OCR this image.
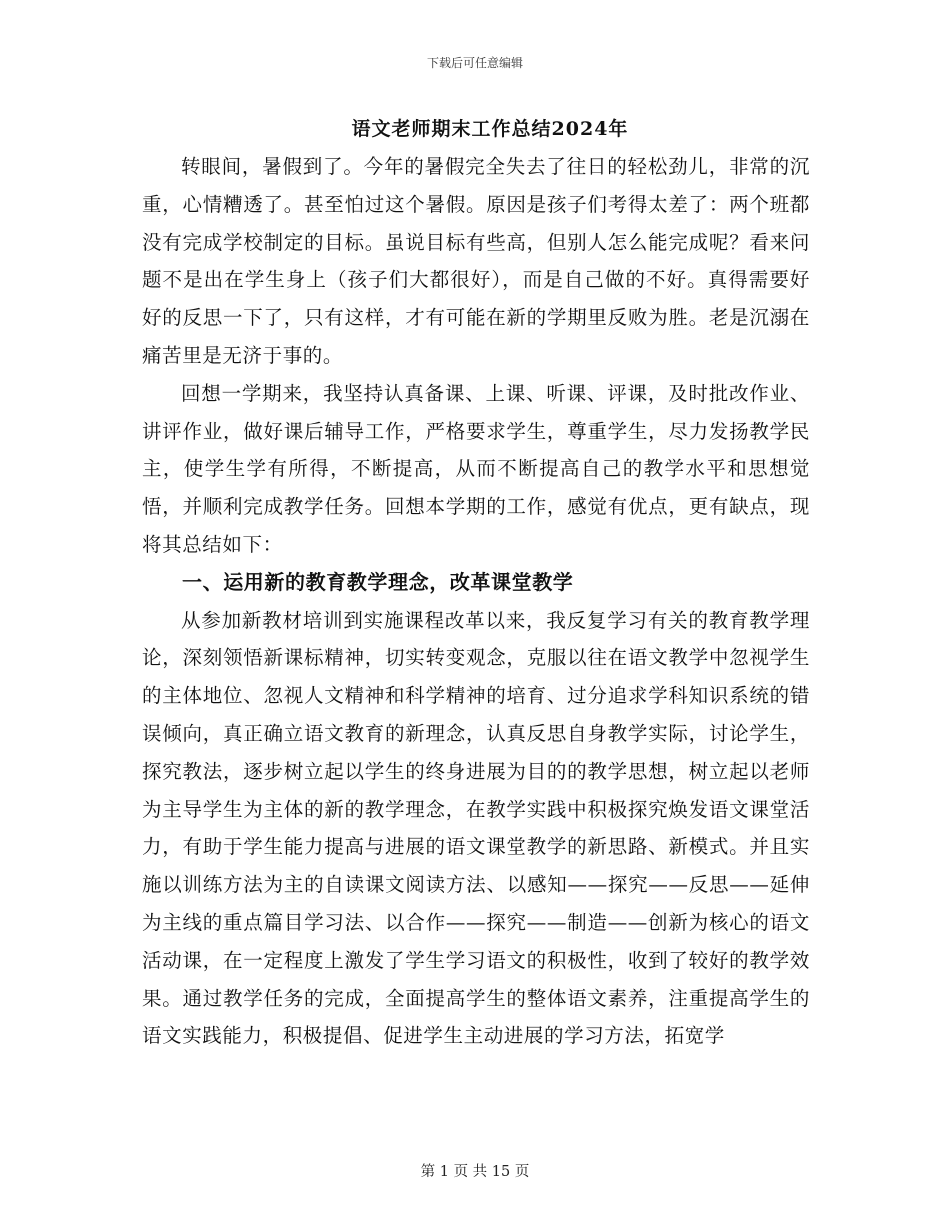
下载后可任意编辑
语文老师期末工作总结2024年

转眼间，暑假到了。今年的暑假完全失去了往日的轻松劲儿，非常的沉重，心情糟透了。甚至怕过这个暑假。原因是孩子们考得太差了：两个班都没有完成学校制定的目标。虽说目标有些高，但别人怎么能完成呢？看来问题不是出在学生身上（孩子们大都很好），而是自己做的不好。真得需要好好的反思一下了，只有这样，才有可能在新的学期里反败为胜。老是沉溺在痛苦里是无济于事的。

回想一学期来，我坚持认真备课、上课、听课、评课，及时批改作业、讲评作业，做好课后辅导工作，严格要求学生，尊重学生，尽力发扬教学民主，使学生学有所得，不断提高，从而不断提高自己的教学水平和思想觉悟，并顺利完成教学任务。回想本学期的工作，感觉有优点，更有缺点，现将其总结如下：

一、运用新的教育教学理念，改革课堂教学

从参加新教材培训到实施课程改革以来，我反复学习有关的教育教学理论，深刻领悟新课标精神，切实转变观念，克服以往在语文教学中忽视学生的主体地位、忽视人文精神和科学精神的培育、过分追求学科知识系统的错误倾向，真正确立语文教育的新理念，认真反思自身教学实际，讨论学生，探究教法，逐步树立起以学生的终身进展为目的的教学思想，树立起以老师为主导学生为主体的新的教学理念，在教学实践中积极探究焕发语文课堂活力，有助于学生能力提高与进展的语文课堂教学的新思路、新模式。并且实施以训练方法为主的自读课文阅读方法、以感知——探究——反思——延伸为主线的重点篇目学习法、以合作——探究——制造——创新为核心的语文活动课，在一定程度上激发了学生学习语文的积极性，收到了较好的教学效果。通过教学任务的完成，全面提高学生的整体语文素养，注重提高学生的语文实践能力，积极提倡、促进学生主动进展的学习方法，拓宽学

第 1 页 共 15 页
